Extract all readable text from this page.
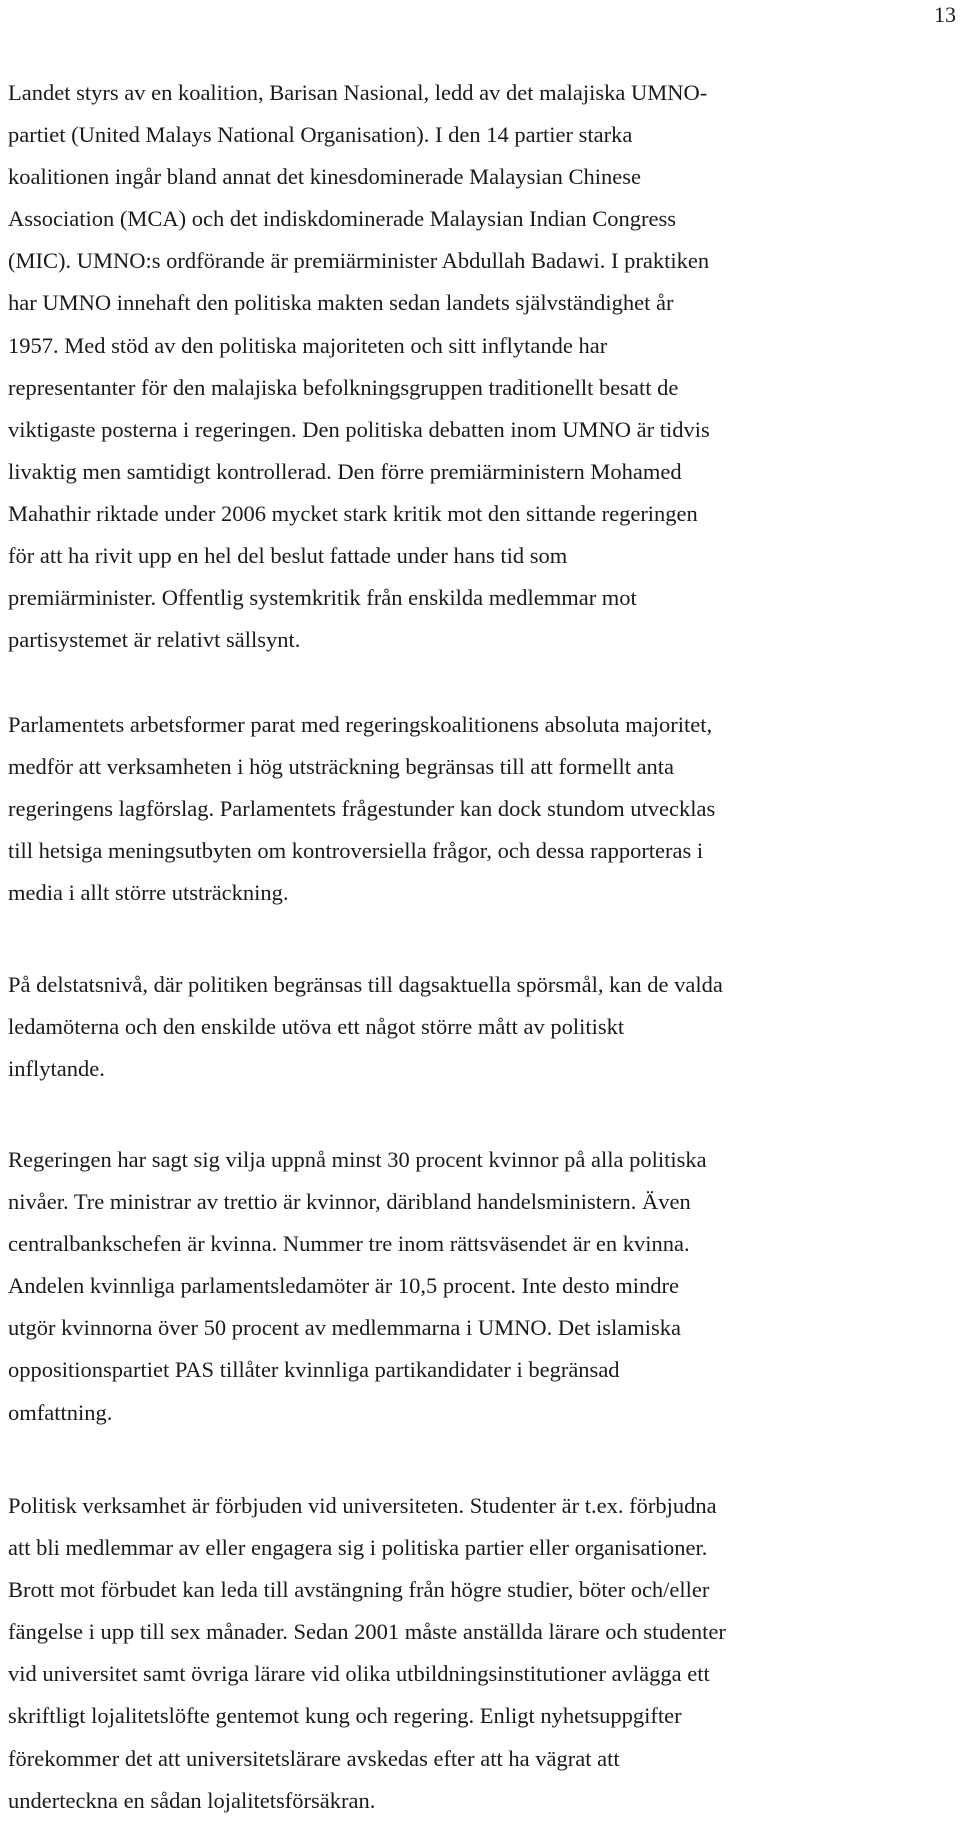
13
Landet styrs av en koalition, Barisan Nasional, ledd av det malajiska UMNO-
partiet (United Malays National Organisation). I den 14 partier starka
koalitionen ingår bland annat det kinesdominerade Malaysian Chinese
Association (MCA) och det indiskdominerade Malaysian Indian Congress
(MIC). UMNO:s ordförande är premiärminister Abdullah Badawi. I praktiken
har UMNO innehaft den politiska makten sedan landets självständighet år
1957. Med stöd av den politiska majoriteten och sitt inflytande har
representanter för den malajiska befolkningsgruppen traditionellt besatt de
viktigaste posterna i regeringen. Den politiska debatten inom UMNO är tidvis
livaktig men samtidigt kontrollerad. Den förre premiärministern Mohamed
Mahathir riktade under 2006 mycket stark kritik mot den sittande regeringen
för att ha rivit upp en hel del beslut fattade under hans tid som
premiärminister. Offentlig systemkritik från enskilda medlemmar mot
partisystemet är relativt sällsynt.
Parlamentets arbetsformer parat med regeringskoalitionens absoluta majoritet,
medför att verksamheten i hög utsträckning begränsas till att formellt anta
regeringens lagförslag. Parlamentets frågestunder kan dock stundom utvecklas
till hetsiga meningsutbyten om kontroversiella frågor, och dessa rapporteras i
media i allt större utsträckning.
På delstatsnivå, där politiken begränsas till dagsaktuella spörsmål, kan de valda
ledamöterna och den enskilde utöva ett något större mått av politiskt
inflytande.
Regeringen har sagt sig vilja uppnå minst 30 procent kvinnor på alla politiska
nivåer. Tre ministrar av trettio är kvinnor, däribland handelsministern. Även
centralbankschefen är kvinna. Nummer tre inom rättsväsendet är en kvinna.
Andelen kvinnliga parlamentsledamöter är 10,5 procent. Inte desto mindre
utgör kvinnorna över 50 procent av medlemmarna i UMNO. Det islamiska
oppositionspartiet PAS tillåter kvinnliga partikandidater i begränsad
omfattning.
Politisk verksamhet är förbjuden vid universiteten. Studenter är t.ex. förbjudna
att bli medlemmar av eller engagera sig i politiska partier eller organisationer.
Brott mot förbudet kan leda till avstängning från högre studier, böter och/eller
fängelse i upp till sex månader. Sedan 2001 måste anställda lärare och studenter
vid universitet samt övriga lärare vid olika utbildningsinstitutioner avlägga ett
skriftligt lojalitetslöfte gentemot kung och regering. Enligt nyhetsuppgifter
förekommer det att universitetslärare avskedas efter att ha vägrat att
underteckna en sådan lojalitetsförsäkran.
